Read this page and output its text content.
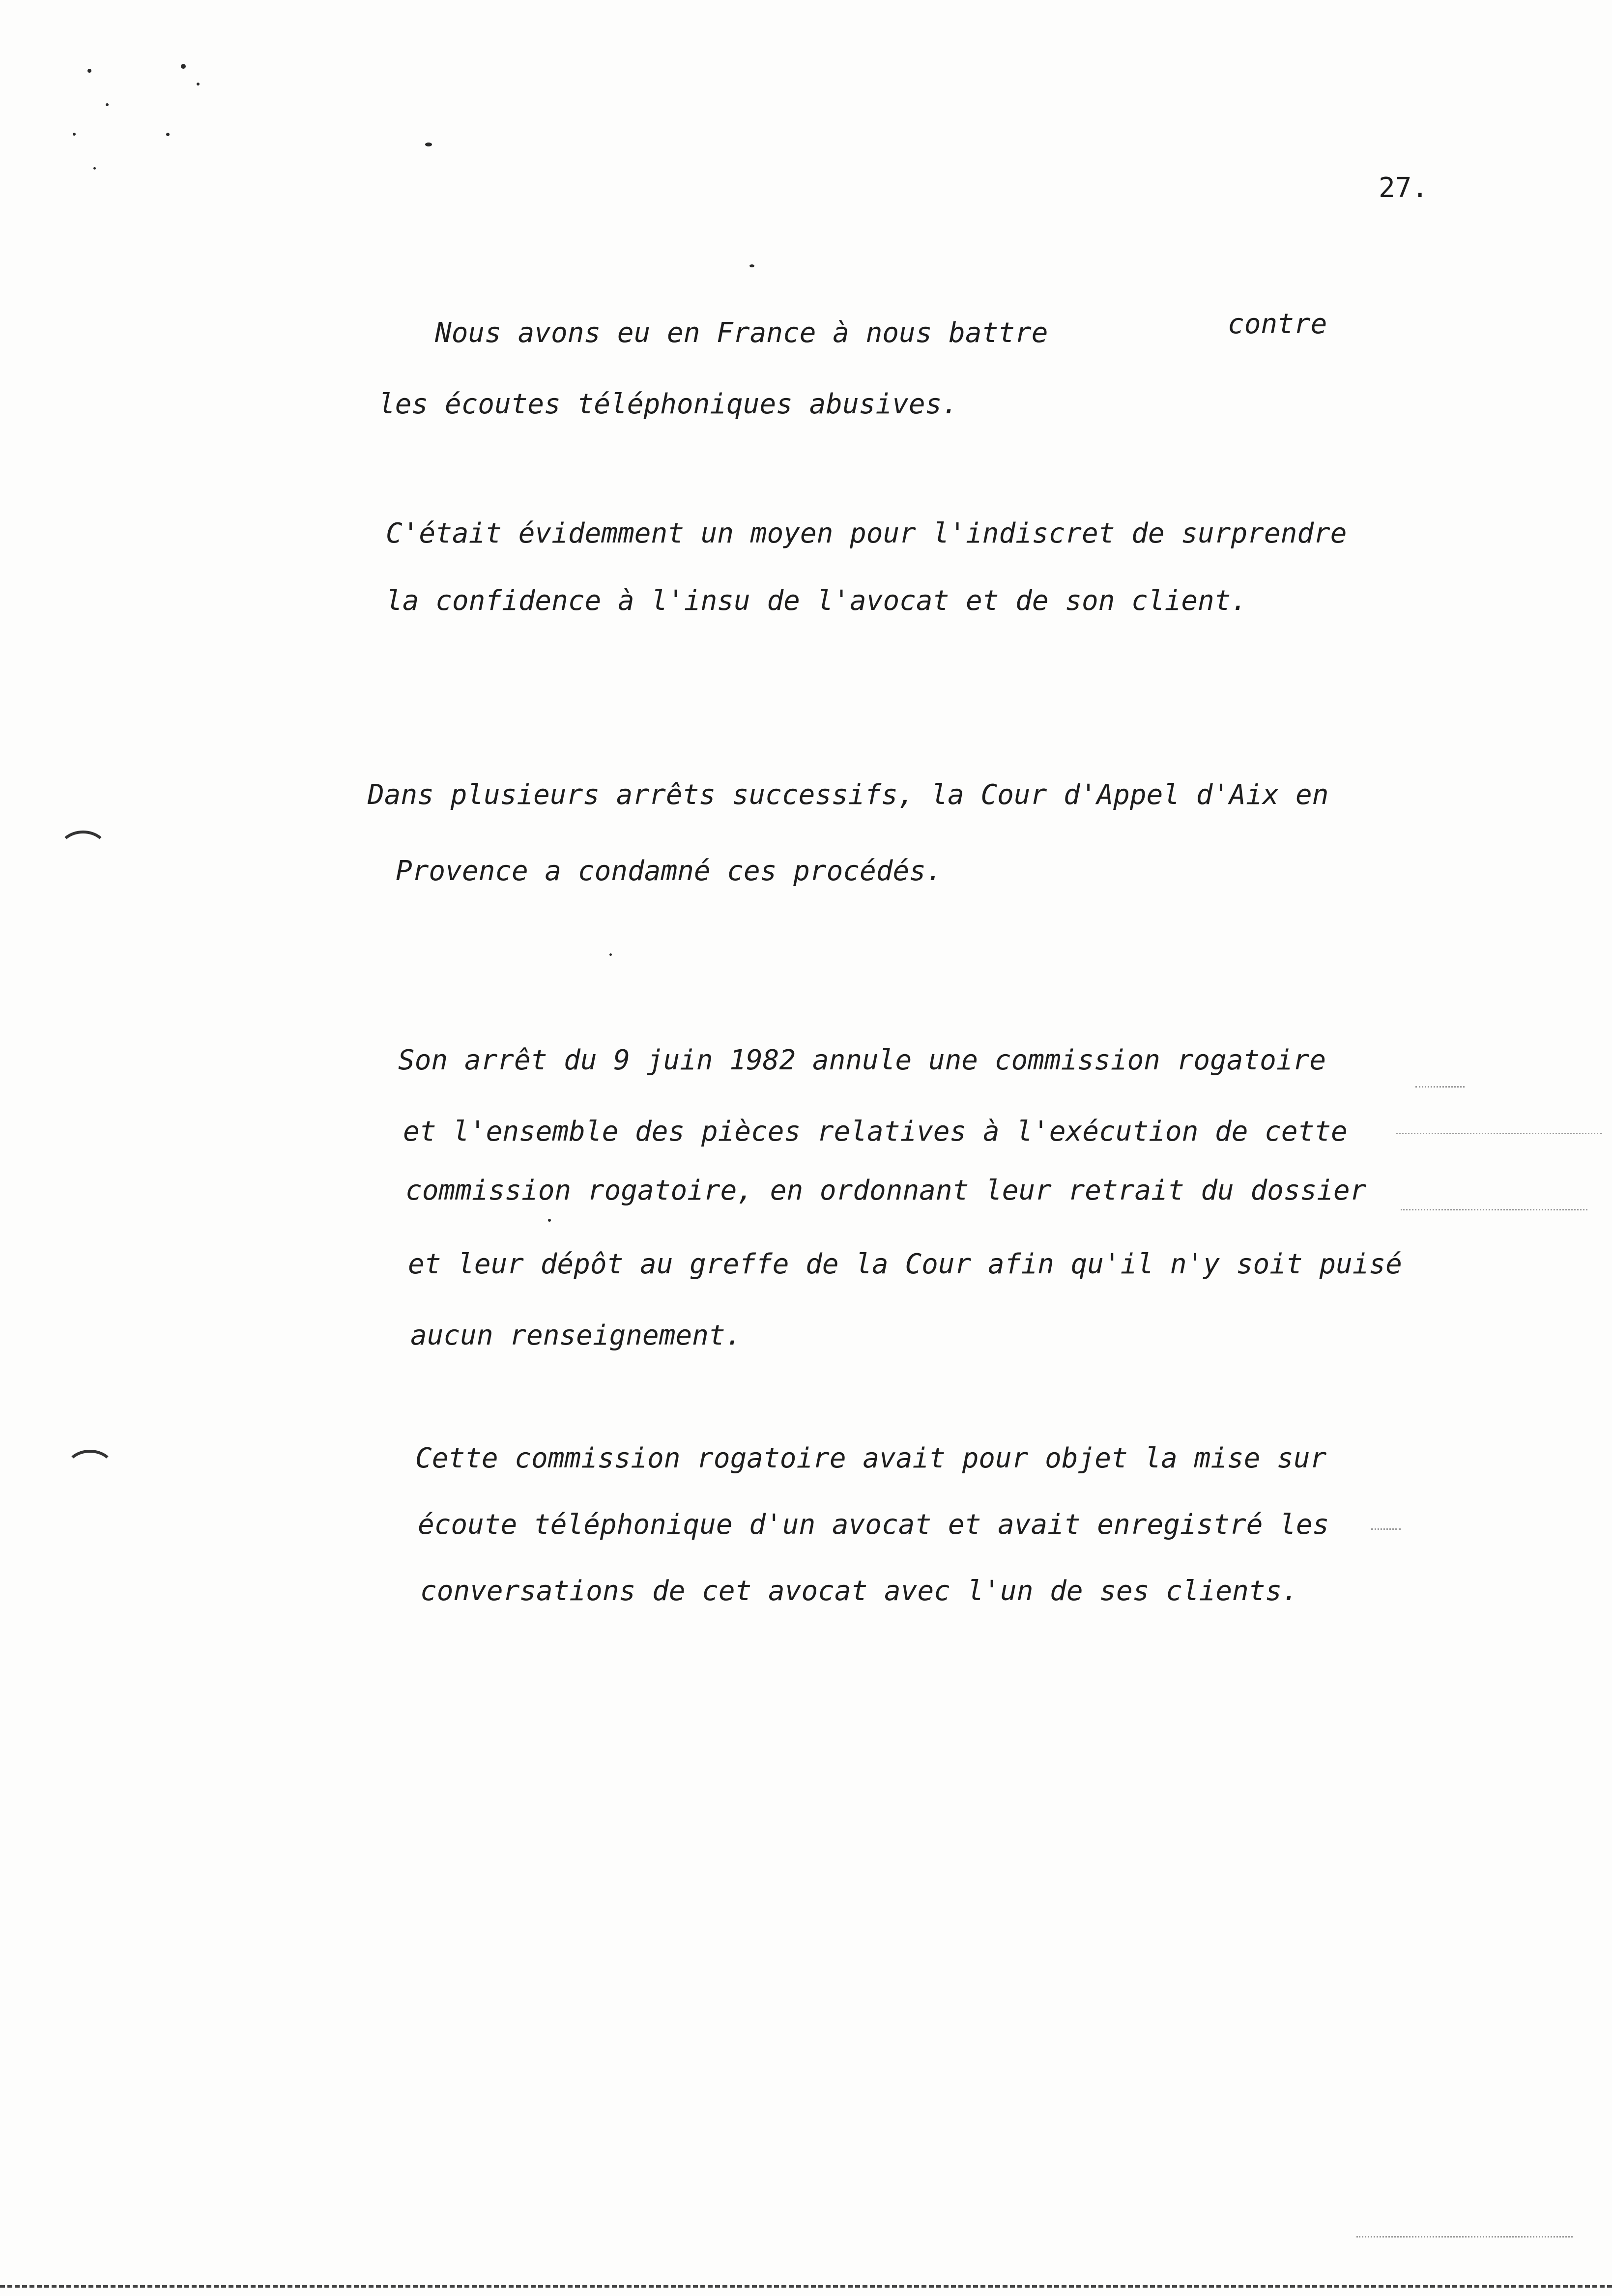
27.

Nous avons eu en France à nous battre	contre

les écoutes téléphoniques abusives.

C'était évidemment un moyen pour l'indiscret de surprendre

la confidence à l'insu de l'avocat et de son client.

Dans plusieurs arrêts successifs, la Cour d'Appel d'Aix en

Provence a condamné ces procédés.

Son arrêt du 9 juin 1982 annule une commission rogatoire

et l'ensemble des pièces relatives à l'exécution de cette

commission rogatoire, en ordonnant leur retrait du dossier

et leur dépôt au greffe de la Cour afin qu'il n'y soit puisé

aucun renseignement.

Cette commission rogatoire avait pour objet la mise sur

écoute téléphonique d'un avocat et avait enregistré les

conversations de cet avocat avec l'un de ses clients.
